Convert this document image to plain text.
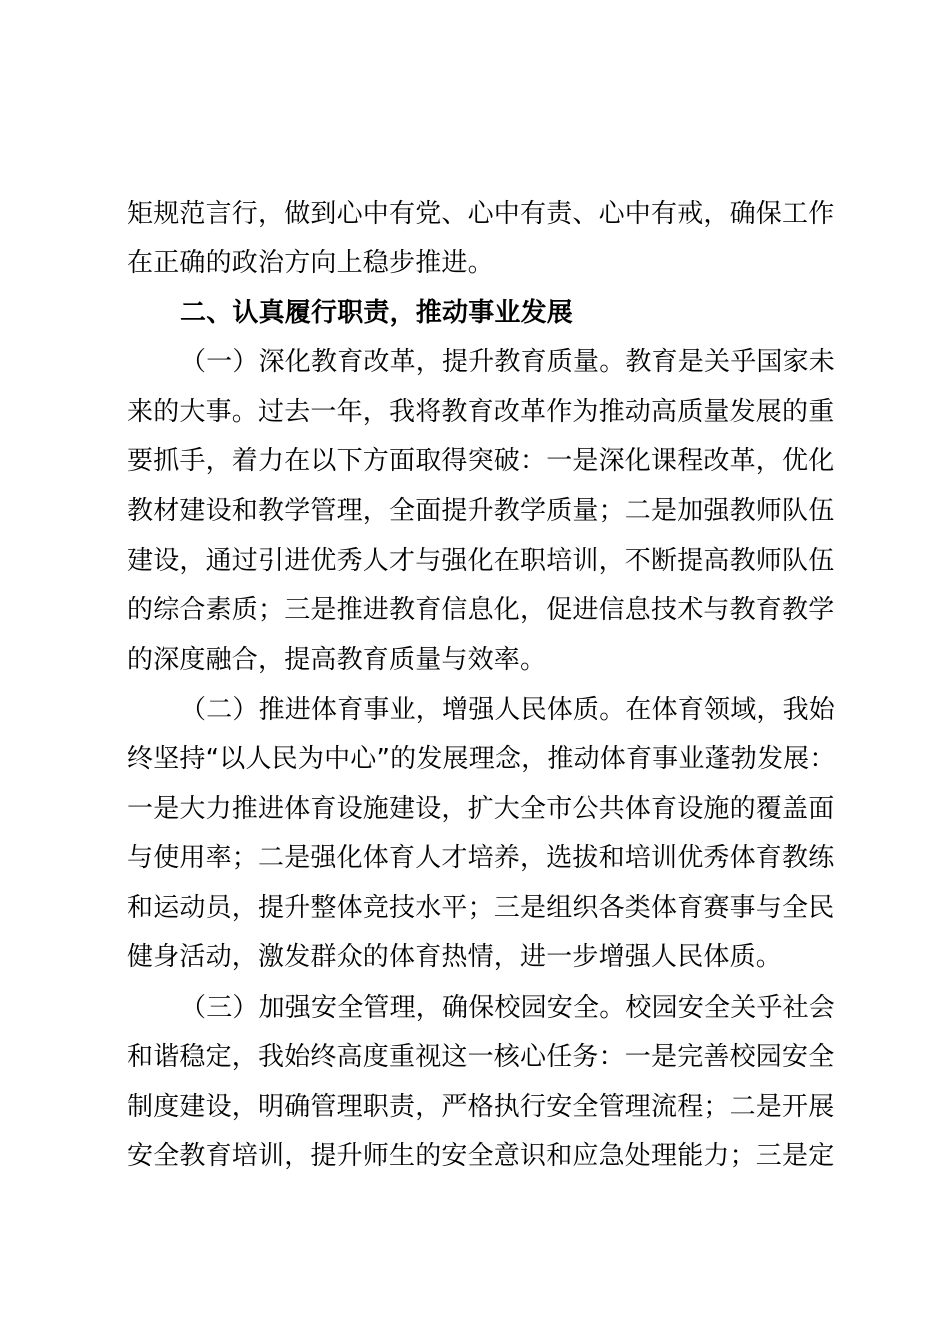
矩规范言行，做到心中有党、心中有责、心中有戒，确保工作
在正确的政治方向上稳步推进。
二、认真履行职责，推动事业发展
（一）深化教育改革，提升教育质量。教育是关乎国家未
来的大事。过去一年，我将教育改革作为推动高质量发展的重
要抓手，着力在以下方面取得突破：一是深化课程改革，优化
教材建设和教学管理，全面提升教学质量；二是加强教师队伍
建设，通过引进优秀人才与强化在职培训，不断提高教师队伍
的综合素质；三是推进教育信息化，促进信息技术与教育教学
的深度融合，提高教育质量与效率。
（二）推进体育事业，增强人民体质。在体育领域，我始
终坚持“以人民为中心”的发展理念，推动体育事业蓬勃发展：
一是大力推进体育设施建设，扩大全市公共体育设施的覆盖面
与使用率；二是强化体育人才培养，选拔和培训优秀体育教练
和运动员，提升整体竞技水平；三是组织各类体育赛事与全民
健身活动，激发群众的体育热情，进一步增强人民体质。
（三）加强安全管理，确保校园安全。校园安全关乎社会
和谐稳定，我始终高度重视这一核心任务：一是完善校园安全
制度建设，明确管理职责，严格执行安全管理流程；二是开展
安全教育培训，提升师生的安全意识和应急处理能力；三是定
